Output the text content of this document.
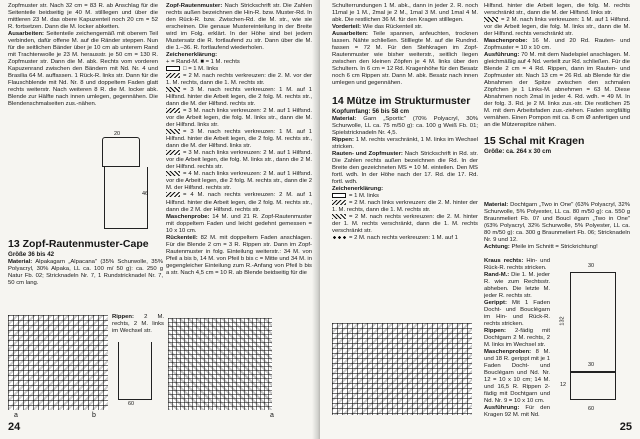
Zopfmuster str. Nach 32 cm = 83 R. ab Anschlag für die Seitenteile beidseitig je 40 M. stilllegen und über die mittleren 23 M. das obere Kapuzenteil noch 20 cm = 52 R. fortsetzen. Dann die M. locker abketten.

Ausarbeiten: Seitenteile zeichengemäß mit oberem Teil verbinden, dafür offene M. auf die Ränder steppen. Nun für die seitlichen Bänder über je 10 cm ab unterem Rand mit Trachtenwolle je 23 M. herausstr. je 50 cm = 130 R. Zopfmuster str. Dann die M. abk. Rechts vom vorderen Kapuzenrand zwischen den Bändern mit Nd. Nr. 4 und Brasilia 64 M. auffassen. 1 Rück-R. links str. Dann für die Flauschblende mit Nd. Nr. 8 und doppeltem Faden glatt rechts weiterstr. Nach weiteren 8 R. die M. locker abk. Blende zur Hälfte nach innen umlegen, gegennähen. Die Blendenschmalseiten zus.-nähen.

20
46
13 Zopf-Rautenmuster-Cape
Größe 36 bis 42

Material: Alpakagarn „Alpacana" (35% Schurwolle, 35% Polyacryl, 30% Alpaka, LL ca. 100 m/ 50 g): ca. 250 g Natur Fb. 02; Stricknadeln Nr. 7, 1 Rundstricknadel Nr. 7, 50 cm lang.

60

Rippen: 2 M. rechts, 2 M. links im Wechsel str.

a	b	a

Zopf-Rautenmuster: Nach Strickschrift str. Die Zahlen rechts außen bezeichnen die Hin-R. bzw. Muster-Rd. In den Rück-R. bzw. Zwischen-Rd. die M. str., wie sie erscheinen. Die genaue Mustereinteilung in der Breite wird im Folg. erklärt. In der Höhe sind bei jedem Mustersatz die R. fortlaufend zu str. Dann über die M. die 1.–36. R. fortlaufend wiederholen.

Zeichenerklärung:

+ = Rand-M. ■ = 1 M. rechts

□ = 1 M. links

= 2 M. nach rechts verkreuzen: die 2. M. vor der 1. M. rechts, dann die 1. M. rechts str.

= 3 M. nach rechts verkreuzen: 1 M. auf 1 Hilfsnd. hinter die Arbeit legen, die 2 folg. M. rechts str., dann die M. der Hilfsnd. rechts str.

= 3 M. nach links verkreuzen: 2 M. auf 1 Hilfsnd. vor die Arbeit legen, die folg. M. links str., dann die M. der Hilfsnd. links str.

= 3 M. nach rechts verkreuzen: 1 M. auf 1 Hilfsnd. hinter die Arbeit legen, die 2 folg. M. rechts str., dann die M. der Hilfsnd. links str.

= 3 M. nach links verkreuzen: 2 M. auf 1 Hilfsnd. vor die Arbeit legen, die folg. M. links str., dann die 2 M. der Hilfsnd. rechts str.

= 4 M. nach links verkreuzen: 2 M. auf 1 Hilfsnd. vor die Arbeit legen, die 2 folg. M. rechts str., dann die 2 M. der Hilfsnd. rechts str.

= 4 M. nach rechts verkreuzen: 2 M. auf 1 Hilfsnd. hinter die Arbeit legen, die 2 folg. M. rechts str., dann die 2 M. der Hilfsnd. rechts str.

Maschenprobe: 14 M. und 21 R. Zopf-Rautenmuster mit doppeltem Faden und leicht gedehnt gemessen = 10 x 10 cm.

Rückenteil: 82 M. mit doppeltem Faden anschlagen. Für die Blende 2 cm = 3 R. Rippen str. Dann im Zopf-Rautenmuster in folg. Einteilung weiterstr.: 34 M. von Pfeil a bis b, 14 M. von Pfeil b bis c = Mitte und 34 M. in gegengleicher Einteilung zum R.-Anfang von Pfeil b bis a str. Nach 4,5 cm = 10 R. ab Blende beidseitig für die

24

Schulterrundungen 1 M. abk., dann in jeder 2. R. noch 11mal je 1 M., 2mal je 2 M., 1mal 3 M. und 1mal 4 M. abk. Die restlichen 36 M. für den Kragen stilllegen.

Vorderteil: Wie das Rückenteil str.

Ausarbeiten: Teile spannen, anfeuchten, trocknen lassen. Nähte schließen. Stilllegte M. auf die Rundnd. fassen = 72 M. Für den Stehkragen im Zopf-Rautenmuster wie bisher weiterstr., seitlich liegen zwischen den kleinen Zöpfen je 4 M. links über den Schultern. In 6 cm = 12 Rd. Kragenhöhe für den Besatz noch 6 cm Rippen str. Dann M. abk. Besatz nach innen umlegen und gegennähen.

14 Mütze im Strukturmuster
Kopfumfang: 56 bis 58 cm

Material: Garn „Sportic" (70% Polyacryl, 30% Schurwolle, LL ca. 75 m/50 g): ca. 100 g Weiß Fb. 01; Spielstricknadeln Nr. 4,5.

Rippen: 1 M. rechts verschränkt, 1 M. links im Wechsel stricken.

Rauten- und Zopfmuster: Nach Strickschrift in Rd. str. Die Zahlen rechts außen bezeichnen die Rd. In der Breite den gezeichneten MS = 10 M. einteilen. Den MS fortl. wdh. In der Höhe nach der 17. Rd. die 17. Rd. fortl. wdh.

Zeichenerklärung:

= 1 M. links

= 2 M. nach links verkreuzen: die 2. M. hinter der 1. M. rechts, dann die 1. M. rechts str.

= 2 M. nach rechts verkreuzen: die 2. M. hinter der 1. M. rechts verschränkt, dann die 1. M. rechts verschränkt str.

= 2 M. nach rechts verkreuzen: 1 M. auf 1

Hilfsnd. hinter die Arbeit legen, die folg. M. rechts verschränkt str., dann die M. der Hilfsnd. links str.

= 2 M. nach links verkreuzen: 1 M. auf 1 Hilfsnd. vor die Arbeit legen, die folg. M. links str., dann die M. der Hilfsnd. rechts verschränkt str.

Maschenprobe: 16 M. und 20 Rd. Rauten- und Zopfmuster = 10 x 10 cm.

Ausführung: 70 M. mit dem Nadelspiel anschlagen. M. gleichmäßig auf 4 Nd. verteilt zur Rd. schließen. Für die Blende 2 cm = 4 Rd. Rippen, dann im Rauten- und Zopfmuster str. Nach 13 cm = 26 Rd. ab Blende für die Abnahmen der Spitze zwischen den schmalen Zöpfchen je 1 Links-M. abnehmen = 63 M. Diese Abnahmen noch 2mal in jeder 4. Rd. wdh. = 49 M. In der folg. 3. Rd. je 2 M. links zus.-str. Die restlichen 25 M. mit dem Arbeitsfaden zus.-ziehen. Faden sorgfältig vernähen. Einen Pompon mit ca. 8 cm Ø anfertigen und an die Mützenspitze nähen.

15 Schal mit Kragen
Größe: ca. 264 x 30 cm

Material: Dochtgarn „Two in One" (63% Polyacryl, 32% Schurwolle, 5% Polyester, LL ca. 80 m/50 g): ca. 550 g Braunmeliert Fb. 07 und Boucl égarn „Two in One" (63% Polyacryl, 32% Schurwolle, 5% Polyester, LL ca. 80 m/50 g): ca. 300 g Braunmeliert Fb. 06; Stricknadeln Nr. 9 und 12.

Achtung: Pfeile im Schnitt = Strickrichtung!

Kraus rechts: Hin- und Rück-R. rechts stricken.

Rand-M.: Die 1. M. jeder R. wie zum Rechtsstr. abheben. Die letzte M. jeder R. rechts str.

Gerippt: Mit 1 Faden Docht- und Bouclégarn im Hin- und Rück-R. rechts stricken.

Rippen: 2-fädig mit Dochtgarn 2 M. rechts, 2 M. links im Wechsel str.

Maschenproben: 8 M. und 18 R. gerippt mit je 1 Faden Docht- und Bouclégarn und Nd. Nr. 12 = 10 x 10 cm; 14 M. und 16,5 R. Rippen 2-fädig mit Dochtgarn und Nd. Nr. 9 = 10 x 10 cm.

Ausführung: Für den Kragen 92 M. mit Nd.

30
30
132
12
60
25
